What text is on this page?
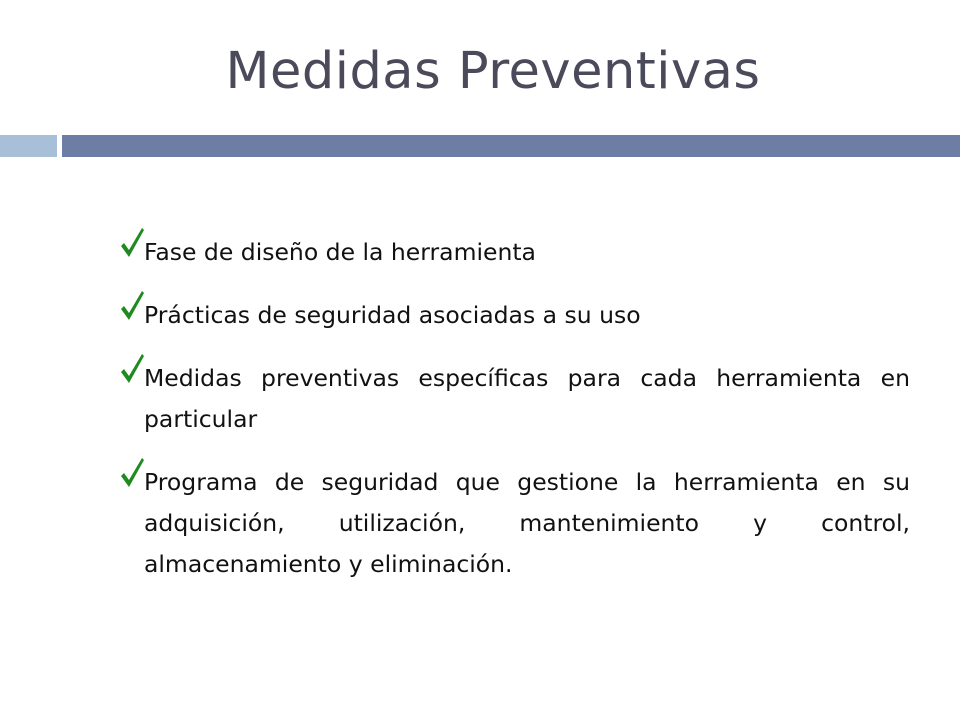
Medidas Preventivas
Fase de diseño de la herramienta
Prácticas de seguridad asociadas a su uso
Medidas preventivas específicas para cada herramienta en particular
Programa de seguridad que gestione la herramienta en su adquisición, utilización, mantenimiento y control, almacenamiento y eliminación.
